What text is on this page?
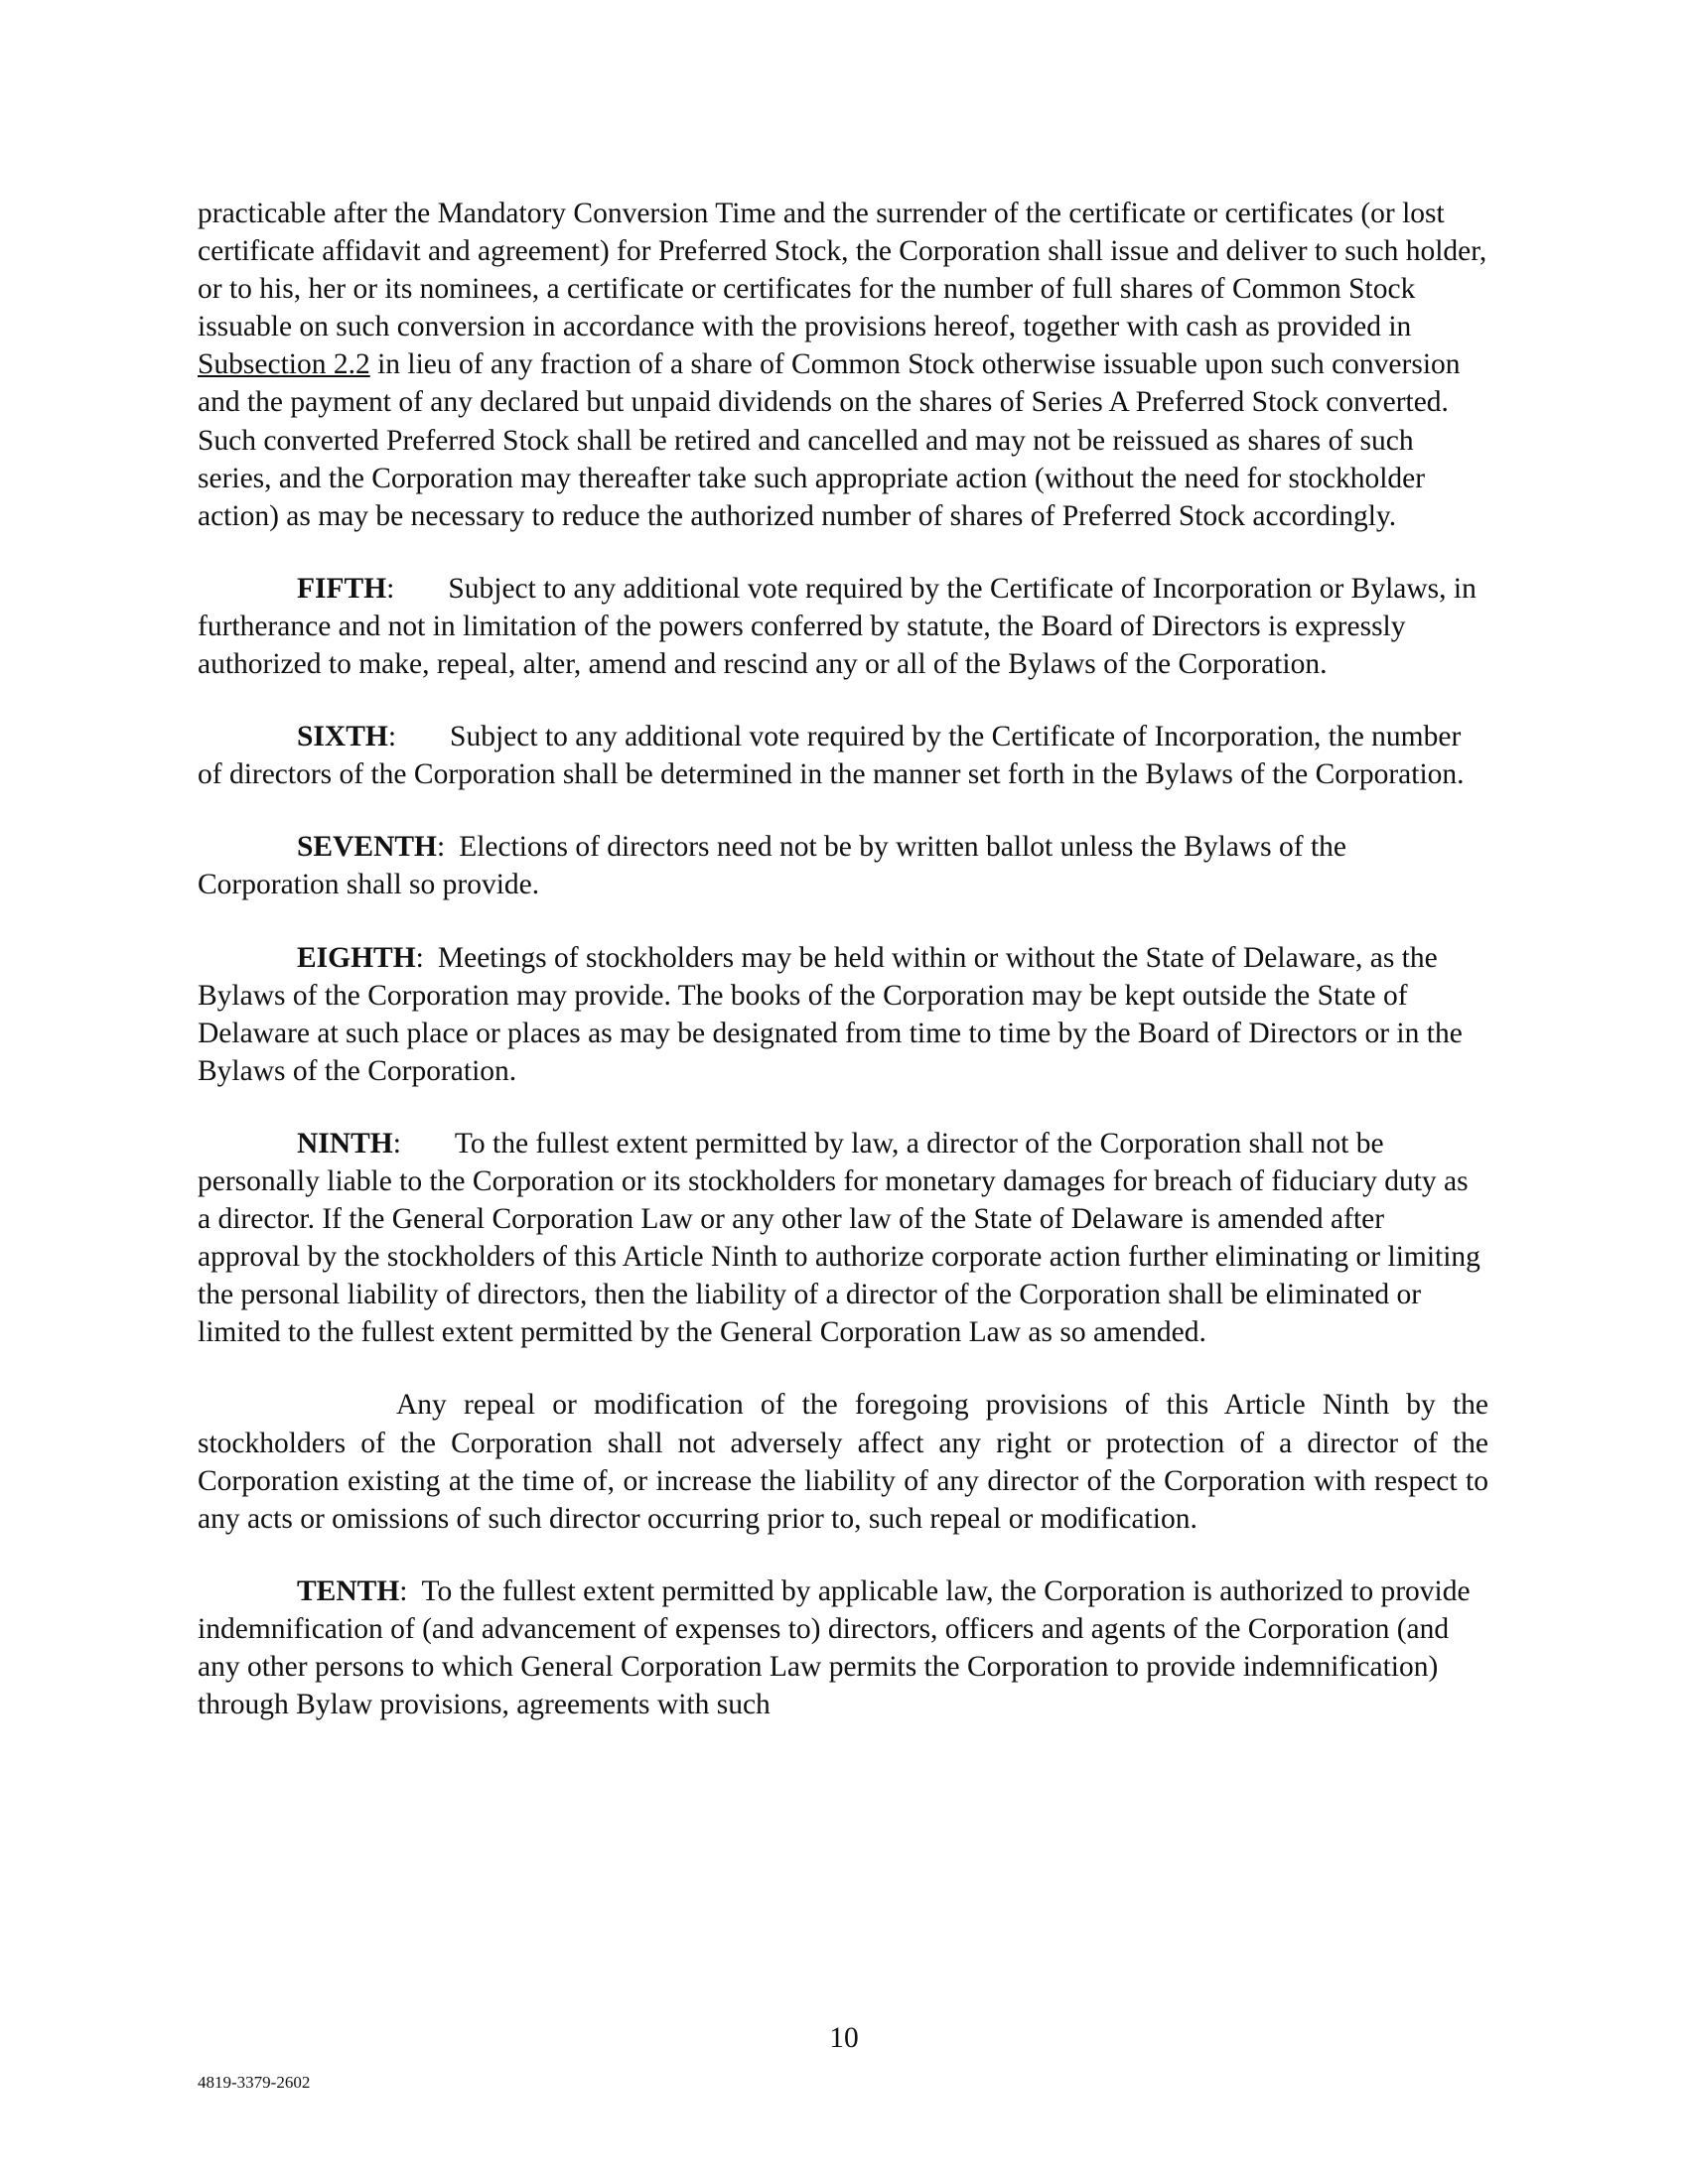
practicable after the Mandatory Conversion Time and the surrender of the certificate or certificates (or lost certificate affidavit and agreement) for Preferred Stock, the Corporation shall issue and deliver to such holder, or to his, her or its nominees, a certificate or certificates for the number of full shares of Common Stock issuable on such conversion in accordance with the provisions hereof, together with cash as provided in Subsection 2.2 in lieu of any fraction of a share of Common Stock otherwise issuable upon such conversion and the payment of any declared but unpaid dividends on the shares of Series A Preferred Stock converted. Such converted Preferred Stock shall be retired and cancelled and may not be reissued as shares of such series, and the Corporation may thereafter take such appropriate action (without the need for stockholder action) as may be necessary to reduce the authorized number of shares of Preferred Stock accordingly.

FIFTH: Subject to any additional vote required by the Certificate of Incorporation or Bylaws, in furtherance and not in limitation of the powers conferred by statute, the Board of Directors is expressly authorized to make, repeal, alter, amend and rescind any or all of the Bylaws of the Corporation.

SIXTH: Subject to any additional vote required by the Certificate of Incorporation, the number of directors of the Corporation shall be determined in the manner set forth in the Bylaws of the Corporation.

SEVENTH: Elections of directors need not be by written ballot unless the Bylaws of the Corporation shall so provide.

EIGHTH: Meetings of stockholders may be held within or without the State of Delaware, as the Bylaws of the Corporation may provide. The books of the Corporation may be kept outside the State of Delaware at such place or places as may be designated from time to time by the Board of Directors or in the Bylaws of the Corporation.

NINTH: To the fullest extent permitted by law, a director of the Corporation shall not be personally liable to the Corporation or its stockholders for monetary damages for breach of fiduciary duty as a director. If the General Corporation Law or any other law of the State of Delaware is amended after approval by the stockholders of this Article Ninth to authorize corporate action further eliminating or limiting the personal liability of directors, then the liability of a director of the Corporation shall be eliminated or limited to the fullest extent permitted by the General Corporation Law as so amended.

Any repeal or modification of the foregoing provisions of this Article Ninth by the stockholders of the Corporation shall not adversely affect any right or protection of a director of the Corporation existing at the time of, or increase the liability of any director of the Corporation with respect to any acts or omissions of such director occurring prior to, such repeal or modification.

TENTH: To the fullest extent permitted by applicable law, the Corporation is authorized to provide indemnification of (and advancement of expenses to) directors, officers and agents of the Corporation (and any other persons to which General Corporation Law permits the Corporation to provide indemnification) through Bylaw provisions, agreements with such

10
4819-3379-2602
